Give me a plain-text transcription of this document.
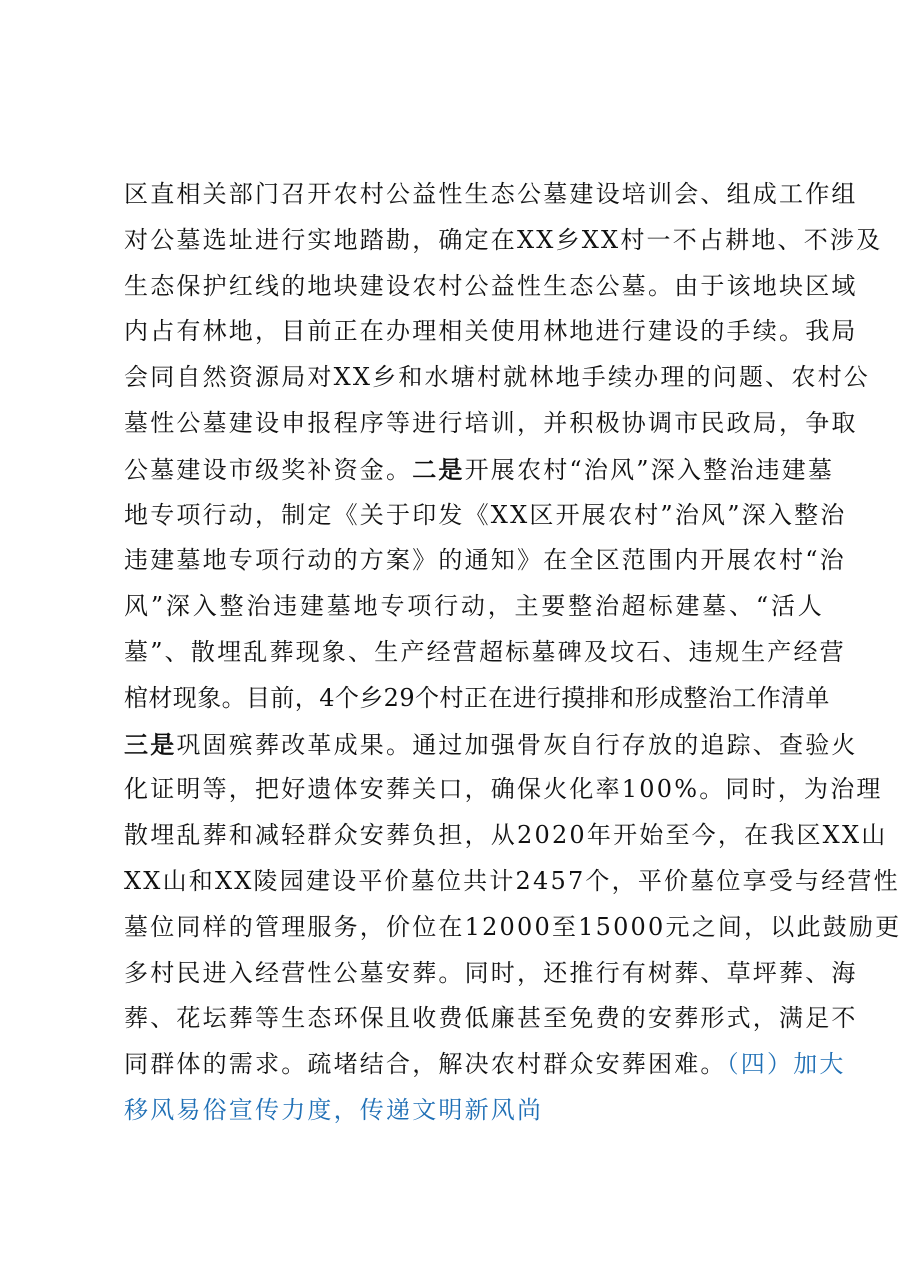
区直相关部门召开农村公益性生态公墓建设培训会、组成工作组
对公墓选址进行实地踏勘，确定在XX乡XX村一不占耕地、不涉及
生态保护红线的地块建设农村公益性生态公墓。由于该地块区域
内占有林地，目前正在办理相关使用林地进行建设的手续。我局
会同自然资源局对XX乡和水塘村就林地手续办理的问题、农村公
墓性公墓建设申报程序等进行培训，并积极协调市民政局，争取
公墓建设市级奖补资金。二是开展农村“治风”深入整治违建墓
地专项行动，制定《关于印发《XX区开展农村”治风”深入整治
违建墓地专项行动的方案》的通知》在全区范围内开展农村“治
风”深入整治违建墓地专项行动，主要整治超标建墓、“活人
墓”、散埋乱葬现象、生产经营超标墓碑及坟石、违规生产经营
棺材现象。目前，4个乡29个村正在进行摸排和形成整治工作清单
三是巩固殡葬改革成果。通过加强骨灰自行存放的追踪、查验火
化证明等，把好遗体安葬关口，确保火化率100%。同时，为治理
散埋乱葬和减轻群众安葬负担，从2020年开始至今，在我区XX山
XX山和XX陵园建设平价墓位共计2457个，平价墓位享受与经营性
墓位同样的管理服务，价位在12000至15000元之间，以此鼓励更
多村民进入经营性公墓安葬。同时，还推行有树葬、草坪葬、海
葬、花坛葬等生态环保且收费低廉甚至免费的安葬形式，满足不
同群体的需求。疏堵结合，解决农村群众安葬困难。（四）加大
移风易俗宣传力度，传递文明新风尚
